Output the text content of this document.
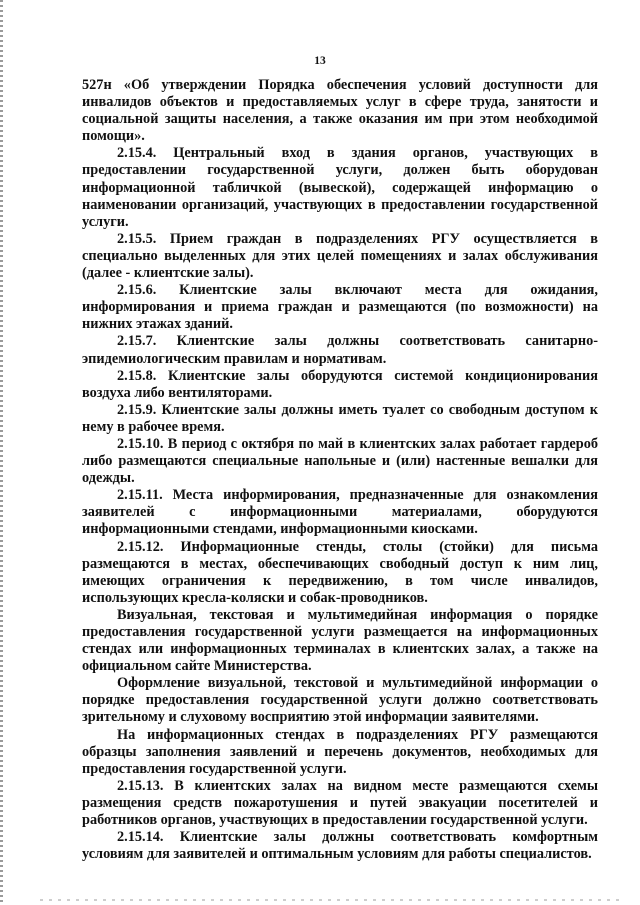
13

527н «Об утверждении Порядка обеспечения условий доступности для инвалидов объектов и предоставляемых услуг в сфере труда, занятости и социальной защиты населения, а также оказания им при этом необходимой помощи».

2.15.4. Центральный вход в здания органов, участвующих в предоставлении государственной услуги, должен быть оборудован информационной табличкой (вывеской), содержащей информацию о наименовании организаций, участвующих в предоставлении государственной услуги.

2.15.5. Прием граждан в подразделениях РГУ осуществляется в специально выделенных для этих целей помещениях и залах обслуживания (далее - клиентские залы).

2.15.6. Клиентские залы включают места для ожидания, информирования и приема граждан и размещаются (по возможности) на нижних этажах зданий.

2.15.7. Клиентские залы должны соответствовать санитарно-эпидемиологическим правилам и нормативам.

2.15.8. Клиентские залы оборудуются системой кондиционирования воздуха либо вентиляторами.

2.15.9. Клиентские залы должны иметь туалет со свободным доступом к нему в рабочее время.

2.15.10. В период с октября по май в клиентских залах работает гардероб либо размещаются специальные напольные и (или) настенные вешалки для одежды.

2.15.11. Места информирования, предназначенные для ознакомления заявителей с информационными материалами, оборудуются информационными стендами, информационными киосками.

2.15.12. Информационные стенды, столы (стойки) для письма размещаются в местах, обеспечивающих свободный доступ к ним лиц, имеющих ограничения к передвижению, в том числе инвалидов, использующих кресла-коляски и собак-проводников.

Визуальная, текстовая и мультимедийная информация о порядке предоставления государственной услуги размещается на информационных стендах или информационных терминалах в клиентских залах, а также на официальном сайте Министерства.

Оформление визуальной, текстовой и мультимедийной информации о порядке предоставления государственной услуги должно соответствовать зрительному и слуховому восприятию этой информации заявителями.

На информационных стендах в подразделениях РГУ размещаются образцы заполнения заявлений и перечень документов, необходимых для предоставления государственной услуги.

2.15.13. В клиентских залах на видном месте размещаются схемы размещения средств пожаротушения и путей эвакуации посетителей и работников органов, участвующих в предоставлении государственной услуги.

2.15.14. Клиентские залы должны соответствовать комфортным условиям для заявителей и оптимальным условиям для работы специалистов.
